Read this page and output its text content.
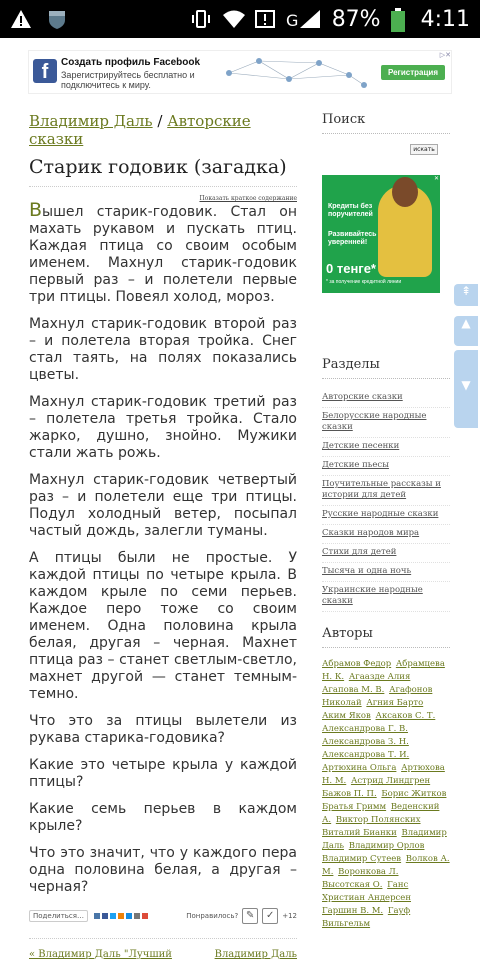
G 87% 4:11
f	Создать профиль Facebook
Зарегистрируйтесь бесплатно и подключитесь к миру.
Регистрация
▷✕
Владимир Даль / Авторские сказки
Старик годовик (загадка)
Показать краткое содержание

Вышел старик-годовик. Стал он махать рукавом и пускать птиц. Каждая птица со своим особым именем. Махнул старик-годовик первый раз – и полетели первые три птицы. Повеял холод, мороз.

Махнул старик-годовик второй раз – и полетела вторая тройка. Снег стал таять, на полях показались цветы.

Махнул старик-годовик третий раз – полетела третья тройка. Стало жарко, душно, знойно. Мужики стали жать рожь.

Махнул старик-годовик четвертый раз – и полетели еще три птицы. Подул холодный ветер, посыпал частый дождь, залегли туманы.

А птицы были не простые. У каждой птицы по четыре крыла. В каждом крыле по семи перьев. Каждое перо тоже со своим именем. Одна половина крыла белая, другая – черная. Махнет птица раз – станет светлым-светло, махнет другой — станет темным-темно.

Что это за птицы вылетели из рукава старика-годовика?

Какие это четыре крыла у каждой птицы?

Какие семь перьев в каждом крыле?

Что это значит, что у каждого пера одна половина белая, а другая – черная?

Поделиться…	Понравилось? ✎	✓	+12
« Владимир Даль "Лучший	Владимир Даль
Поиск
искать
Кредиты без поручителей
Развивайтесь уверенней!
0 тенге*
* за получение кредитной линии
✕
Разделы
Авторские сказки
Белорусские народные сказки
Детские песенки
Детские пьесы
Поучительные рассказы и истории для детей
Русские народные сказки
Сказки народов мира
Стихи для детей
Тысяча и одна ночь
Украинские народные сказки
Авторы
Абрамов Федор Абрамцева Н. К. Агаазде Алия Агапова М. В. Агафонов Николай Агния Барто Аким Яков Аксаков С. Т. Александрова Г. В. Александрова З. Н. Александрова Т. И. Артюхина Ольга Артюхова Н. М. Астрид Линдгрен Бажов П. П. Борис Житков Братья Гримм Веденский А. Виктор Полянских Виталий Бианки Владимир Даль Владимир Орлов Владимир Сутеев Волков А. М. Воронкова Л. Высотская О. Ганс Христиан Андерсен Гаршин В. М. Гауф Вильгельм
⇞
▲
▼
